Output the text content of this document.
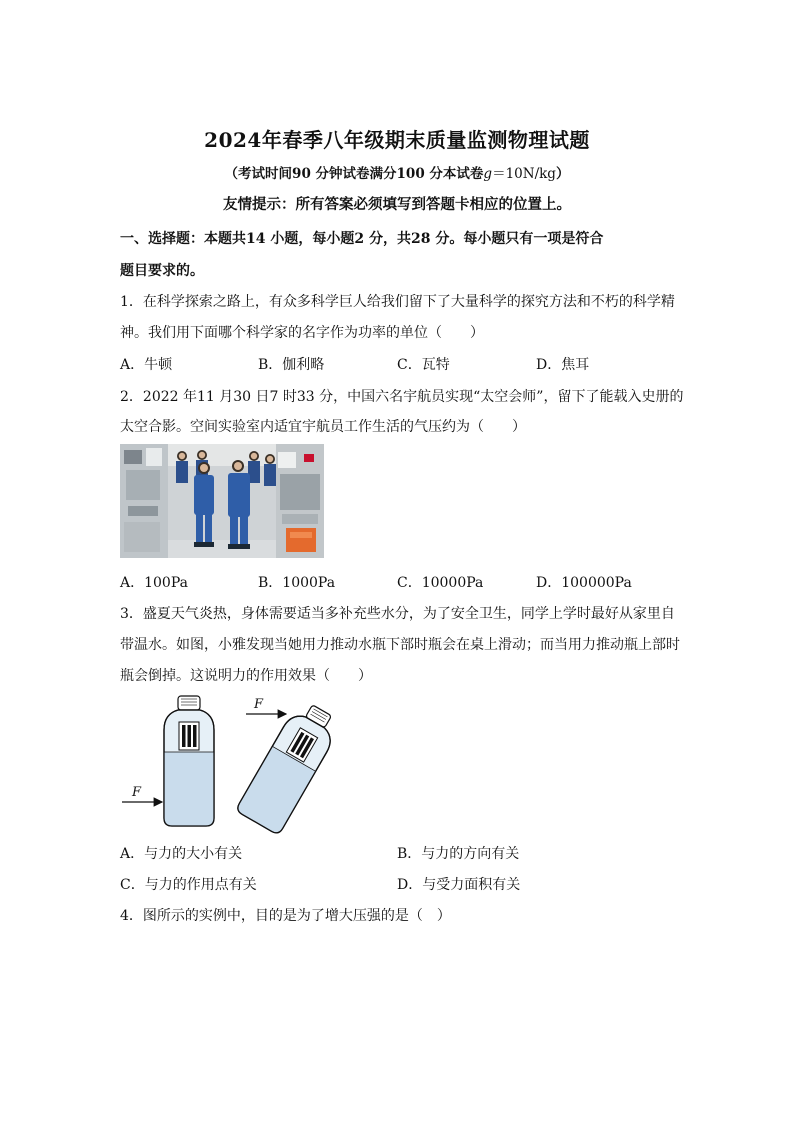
2024年春季八年级期末质量监测物理试题
（考试时间90 分钟试卷满分100 分本试卷g＝10N/kg）
友情提示：所有答案必须填写到答题卡相应的位置上。
一、选择题：本题共14 小题，每小题2 分，共28 分。每小题只有一项是符合
题目要求的。
1．在科学探索之路上，有众多科学巨人给我们留下了大量科学的探究方法和不朽的科学精
神。我们用下面哪个科学家的名字作为功率的单位（　　）
A．牛顿	B．伽利略	C．瓦特	D．焦耳
2．2022 年11 月30 日7 时33 分，中国六名宇航员实现“太空会师”，留下了能载入史册的
太空合影。空间实验室内适宜宇航员工作生活的气压约为（　　）
A．100Pa	B．1000Pa	C．10000Pa	D．100000Pa
3．盛夏天气炎热，身体需要适当多补充些水分，为了安全卫生，同学上学时最好从家里自
带温水。如图，小雅发现当她用力推动水瓶下部时瓶会在桌上滑动；而当用力推动瓶上部时
瓶会倒掉。这说明力的作用效果（　　）
F
F
A．与力的大小有关	B．与力的方向有关
C．与力的作用点有关	D．与受力面积有关
4．图所示的实例中，目的是为了增大压强的是（　）
